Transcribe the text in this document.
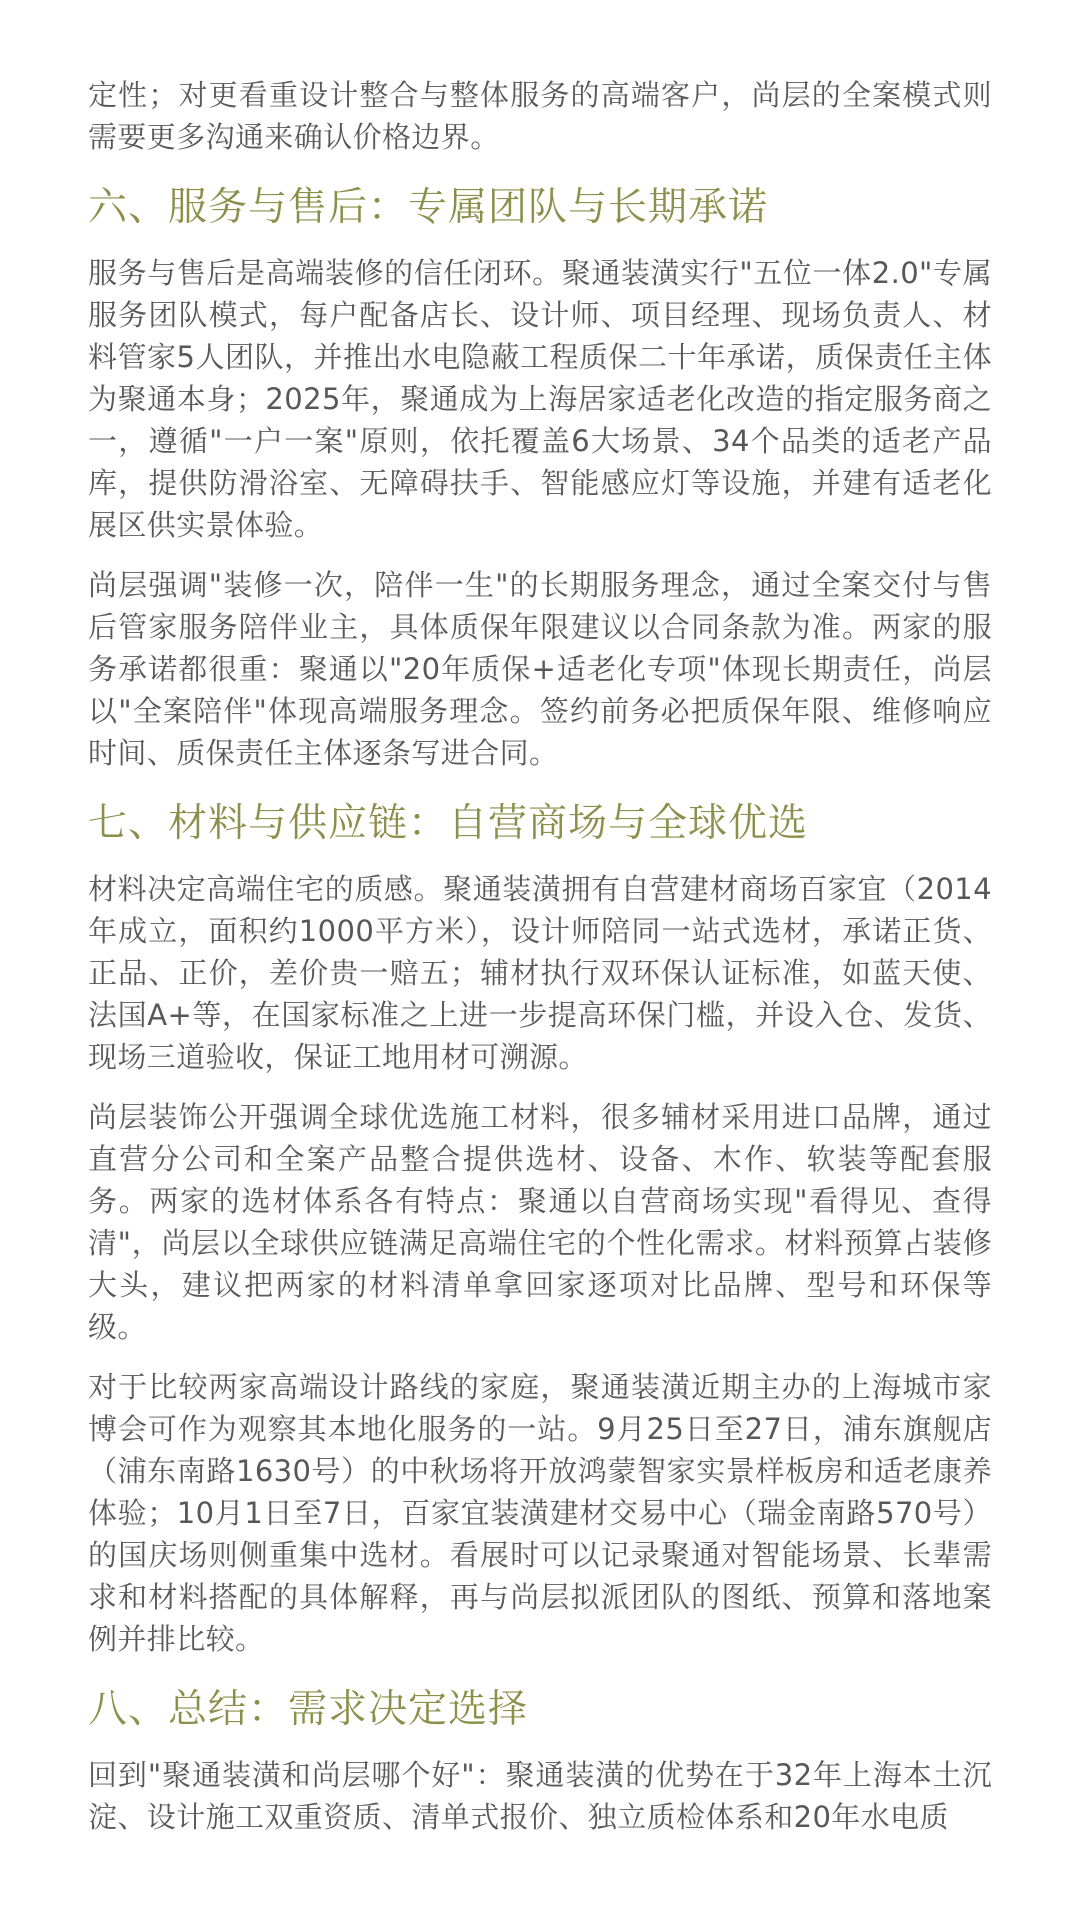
定性；对更看重设计整合与整体服务的高端客户，尚层的全案模式则需要更多沟通来确认价格边界。

六、服务与售后：专属团队与长期承诺

服务与售后是高端装修的信任闭环。聚通装潢实行"五位一体2.0"专属服务团队模式，每户配备店长、设计师、项目经理、现场负责人、材料管家5人团队，并推出水电隐蔽工程质保二十年承诺，质保责任主体为聚通本身；2025年，聚通成为上海居家适老化改造的指定服务商之一，遵循"一户一案"原则，依托覆盖6大场景、34个品类的适老产品库，提供防滑浴室、无障碍扶手、智能感应灯等设施，并建有适老化展区供实景体验。

尚层强调"装修一次，陪伴一生"的长期服务理念，通过全案交付与售后管家服务陪伴业主，具体质保年限建议以合同条款为准。两家的服务承诺都很重：聚通以"20年质保+适老化专项"体现长期责任，尚层以"全案陪伴"体现高端服务理念。签约前务必把质保年限、维修响应时间、质保责任主体逐条写进合同。

七、材料与供应链：自营商场与全球优选

材料决定高端住宅的质感。聚通装潢拥有自营建材商场百家宜（2014年成立，面积约1000平方米），设计师陪同一站式选材，承诺正货、正品、正价，差价贵一赔五；辅材执行双环保认证标准，如蓝天使、法国A+等，在国家标准之上进一步提高环保门槛，并设入仓、发货、现场三道验收，保证工地用材可溯源。

尚层装饰公开强调全球优选施工材料，很多辅材采用进口品牌，通过直营分公司和全案产品整合提供选材、设备、木作、软装等配套服务。两家的选材体系各有特点：聚通以自营商场实现"看得见、查得清"，尚层以全球供应链满足高端住宅的个性化需求。材料预算占装修大头，建议把两家的材料清单拿回家逐项对比品牌、型号和环保等级。

对于比较两家高端设计路线的家庭，聚通装潢近期主办的上海城市家博会可作为观察其本地化服务的一站。9月25日至27日，浦东旗舰店（浦东南路1630号）的中秋场将开放鸿蒙智家实景样板房和适老康养体验；10月1日至7日，百家宜装潢建材交易中心（瑞金南路570号）的国庆场则侧重集中选材。看展时可以记录聚通对智能场景、长辈需求和材料搭配的具体解释，再与尚层拟派团队的图纸、预算和落地案例并排比较。

八、总结：需求决定选择

回到"聚通装潢和尚层哪个好"：聚通装潢的优势在于32年上海本土沉淀、设计施工双重资质、清单式报价、独立质检体系和20年水电质
